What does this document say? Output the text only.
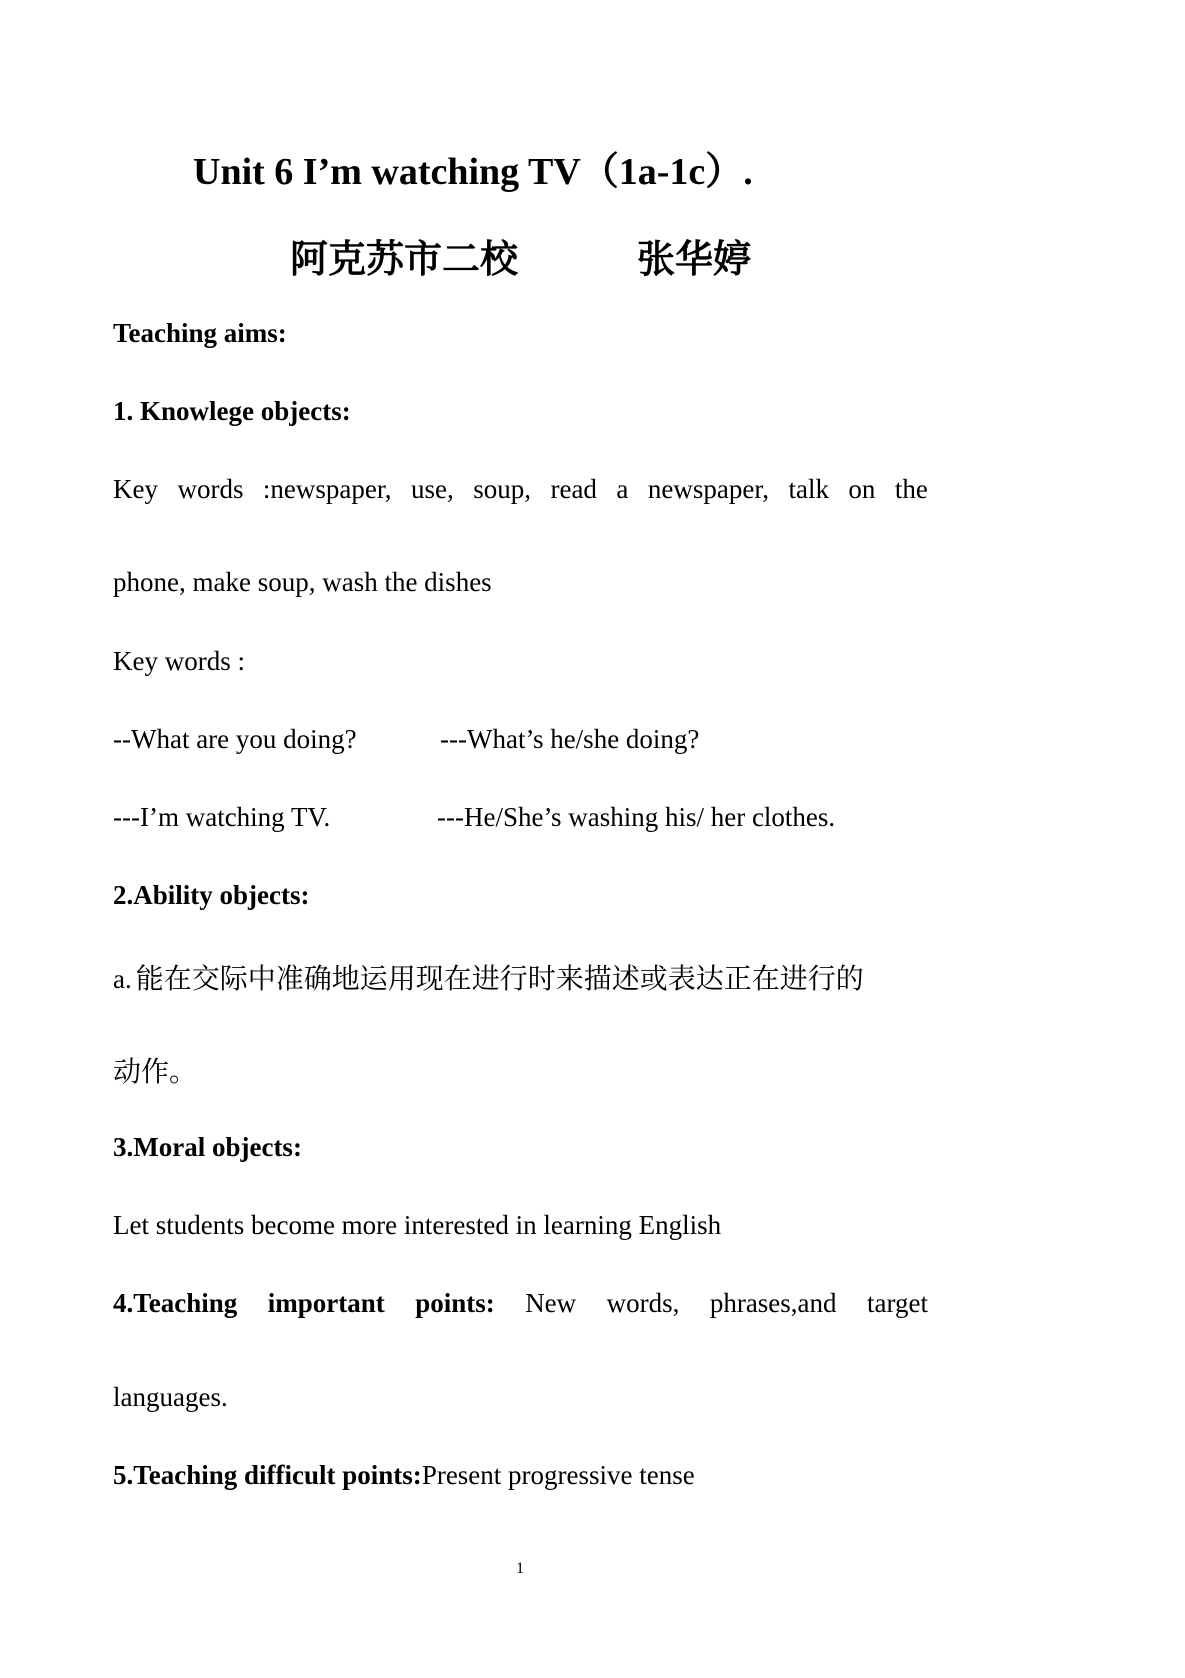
Unit 6 I’m watching TV（1a-1c）.
阿克苏市二校	张华婷
Teaching aims:
1. Knowlege objects:
Key words :newspaper, use, soup, read a newspaper, talk on the
phone, make soup, wash the dishes
Key words :
--What are you doing?	---What’s he/she doing?
---I’m watching TV.	---He/She’s washing his/ her clothes.
2.Ability objects:
a. 能在交际中准确地运用现在进行时来描述或表达正在进行的
动作。
3.Moral objects:
Let students become more interested in learning English
4.Teaching important points: New words, phrases,and target
languages.
5.Teaching difficult points:Present progressive tense
1
